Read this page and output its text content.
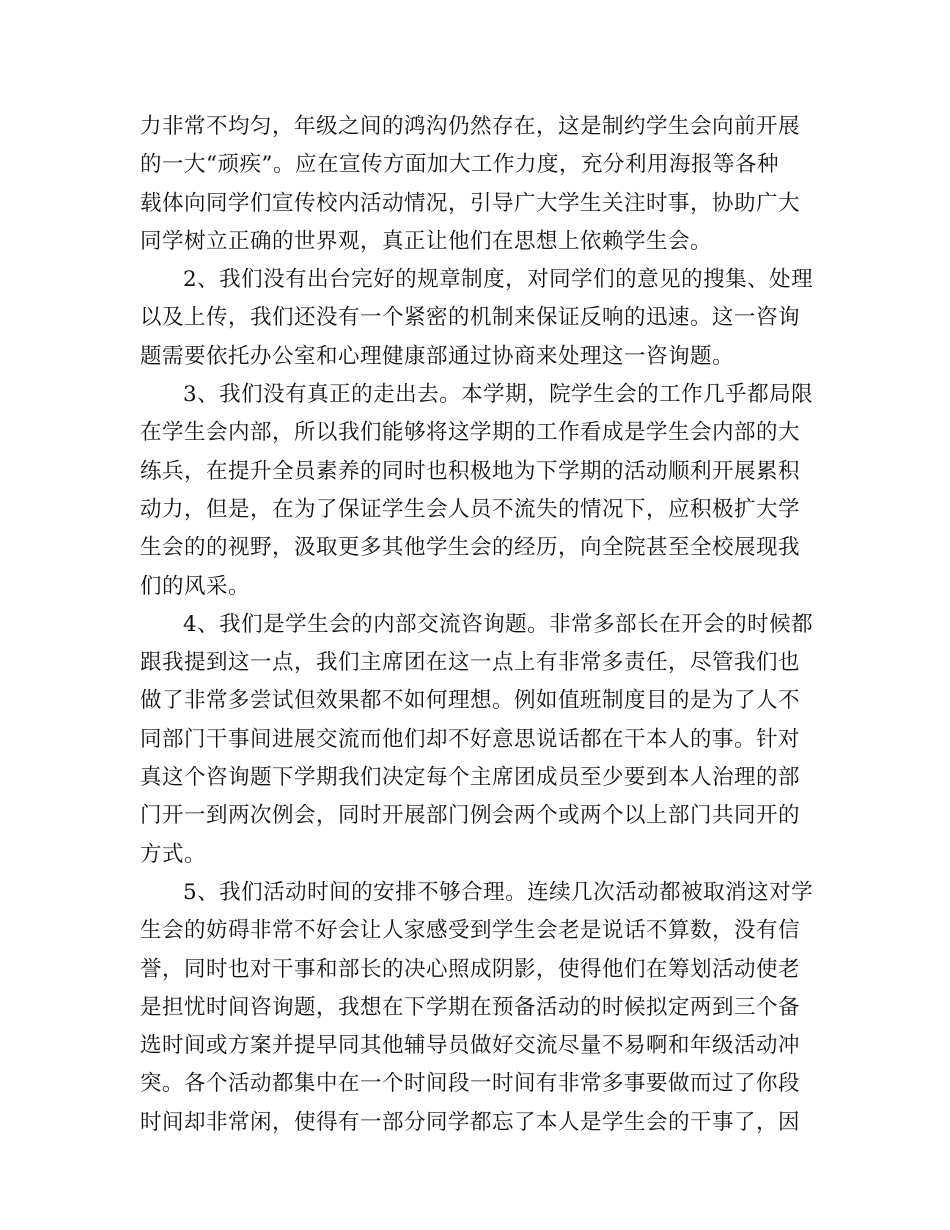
力非常不均匀，年级之间的鸿沟仍然存在，这是制约学生会向前开展
的一大“顽疾”。应在宣传方面加大工作力度，充分利用海报等各种
载体向同学们宣传校内活动情况，引导广大学生关注时事，协助广大
同学树立正确的世界观，真正让他们在思想上依赖学生会。
2、我们没有出台完好的规章制度，对同学们的意见的搜集、处理
以及上传，我们还没有一个紧密的机制来保证反响的迅速。这一咨询
题需要依托办公室和心理健康部通过协商来处理这一咨询题。
3、我们没有真正的走出去。本学期，院学生会的工作几乎都局限
在学生会内部，所以我们能够将这学期的工作看成是学生会内部的大
练兵，在提升全员素养的同时也积极地为下学期的活动顺利开展累积
动力，但是，在为了保证学生会人员不流失的情况下，应积极扩大学
生会的的视野，汲取更多其他学生会的经历，向全院甚至全校展现我
们的风采。
4、我们是学生会的内部交流咨询题。非常多部长在开会的时候都
跟我提到这一点，我们主席团在这一点上有非常多责任，尽管我们也
做了非常多尝试但效果都不如何理想。例如值班制度目的是为了人不
同部门干事间进展交流而他们却不好意思说话都在干本人的事。针对
真这个咨询题下学期我们决定每个主席团成员至少要到本人治理的部
门开一到两次例会，同时开展部门例会两个或两个以上部门共同开的
方式。
5、我们活动时间的安排不够合理。连续几次活动都被取消这对学
生会的妨碍非常不好会让人家感受到学生会老是说话不算数，没有信
誉，同时也对干事和部长的决心照成阴影，使得他们在筹划活动使老
是担忧时间咨询题，我想在下学期在预备活动的时候拟定两到三个备
选时间或方案并提早同其他辅导员做好交流尽量不易啊和年级活动冲
突。各个活动都集中在一个时间段一时间有非常多事要做而过了你段
时间却非常闲，使得有一部分同学都忘了本人是学生会的干事了，因
